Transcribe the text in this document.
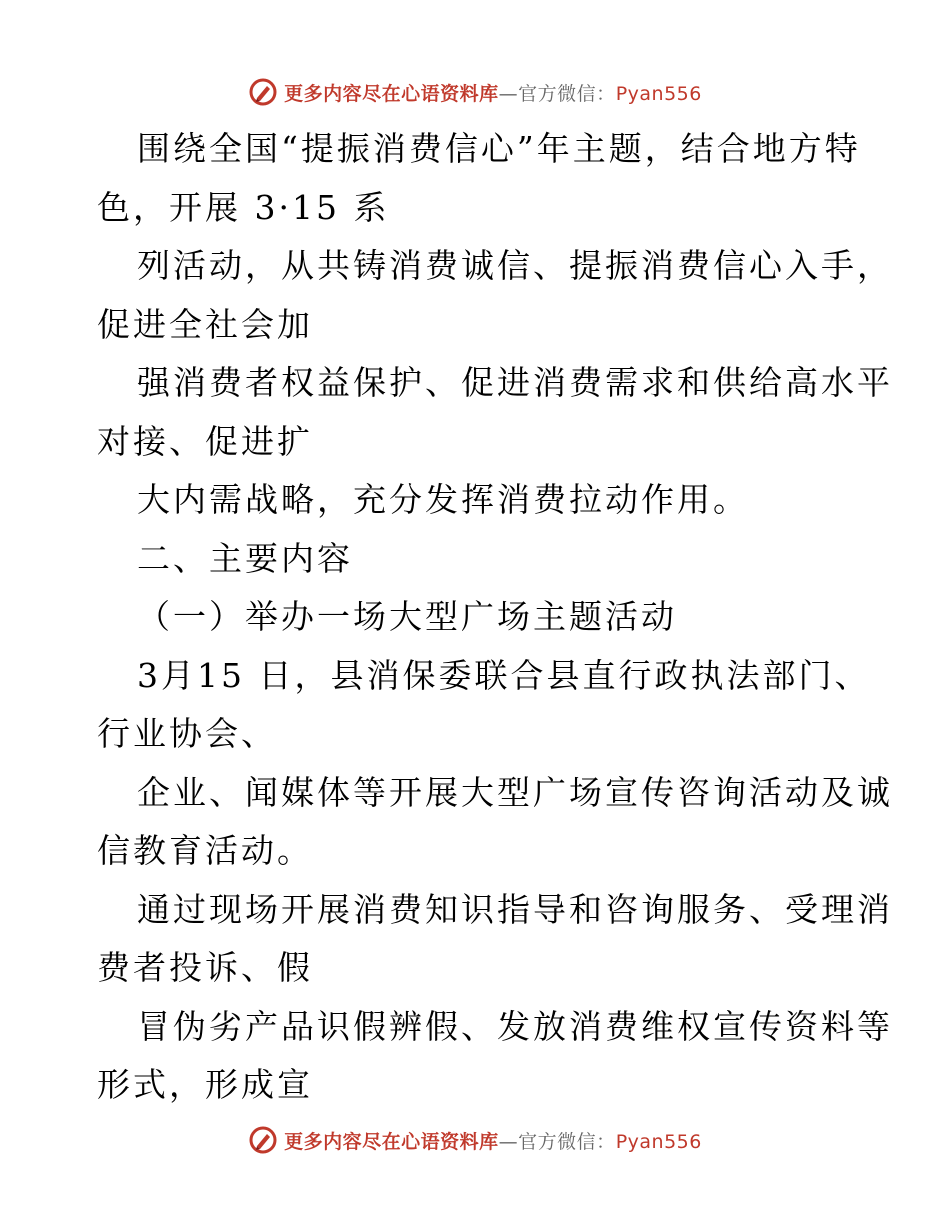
更多内容尽在心语资料库—官方微信：Pyan556
围绕全国“提振消费信心”年主题，结合地方特
色，开展 3·15 系
列活动，从共铸消费诚信、提振消费信心入手，
促进全社会加
强消费者权益保护、促进消费需求和供给高水平
对接、促进扩
大内需战略，充分发挥消费拉动作用。
二、主要内容
（一）举办一场大型广场主题活动
3月15 日，县消保委联合县直行政执法部门、
行业协会、
企业、闻媒体等开展大型广场宣传咨询活动及诚
信教育活动。
通过现场开展消费知识指导和咨询服务、受理消
费者投诉、假
冒伪劣产品识假辨假、发放消费维权宣传资料等
形式，形成宣
更多内容尽在心语资料库—官方微信：Pyan556
